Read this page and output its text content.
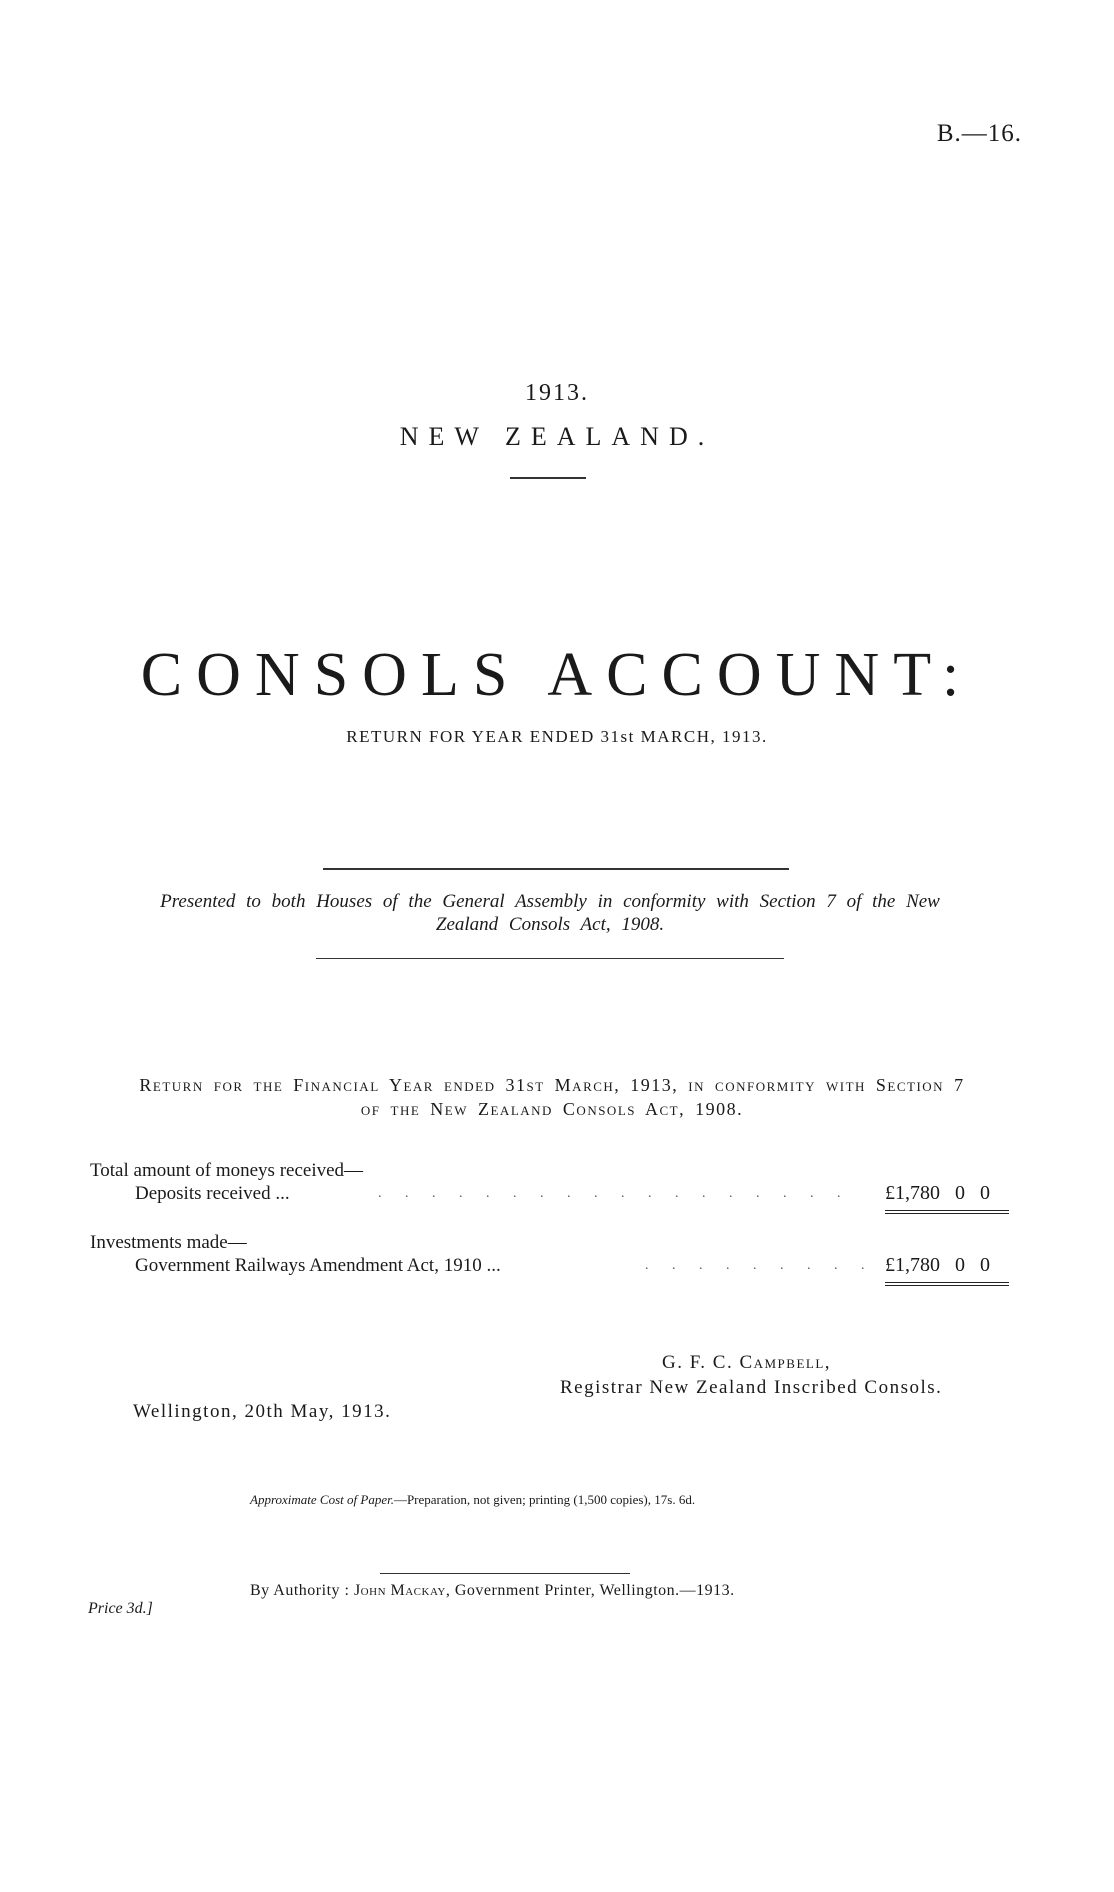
B.—16.
1913.
NEW ZEALAND.
CONSOLS ACCOUNT:
RETURN FOR YEAR ENDED 31st MARCH, 1913.
Presented to both Houses of the General Assembly in conformity with Section 7 of the New
Zealand Consols Act, 1908.
Return for the Financial Year ended 31st March, 1913, in conformity with Section 7
of the New Zealand Consols Act, 1908.
Total amount of moneys received—
Deposits received ...	. . . . . . . . . . . . . . . . . . £1,780 0 0
Investments made—
Government Railways Amendment Act, 1910 ...	. . . . . . . . . £1,780 0 0
G. F. C. Campbell,
Registrar New Zealand Inscribed Consols.
Wellington, 20th May, 1913.
Approximate Cost of Paper.—Preparation, not given; printing (1,500 copies), 17s. 6d.
By Authority : John Mackay, Government Printer, Wellington.—1913.
Price 3d.]
